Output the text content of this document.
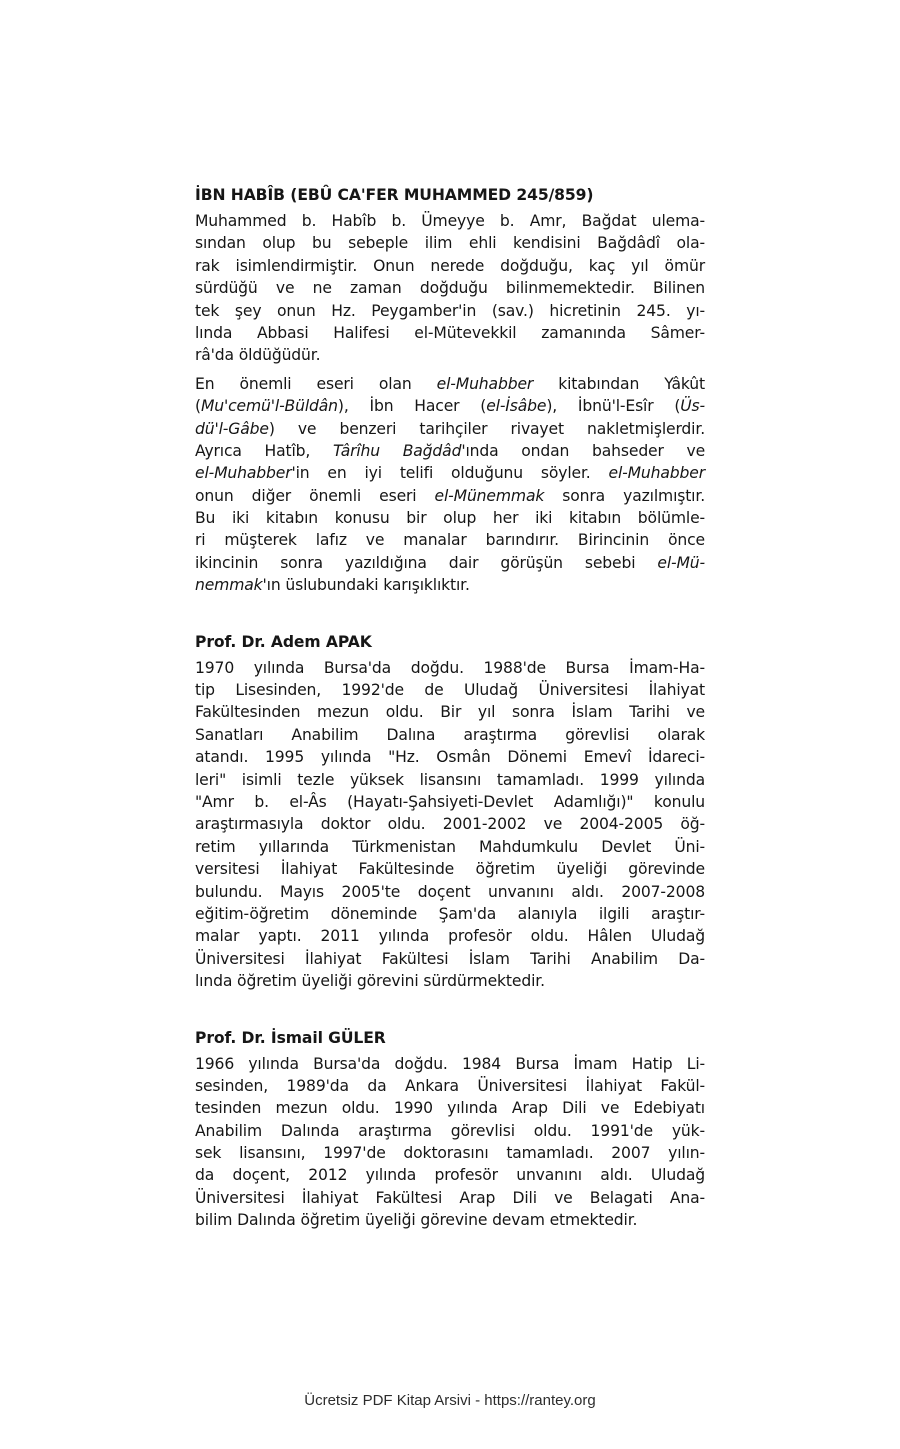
İBN HABÎB (EBÛ CA'FER MUHAMMED 245/859)
Muhammed b. Habîb b. Ümeyye b. Amr, Bağdat ulema-
sından olup bu sebeple ilim ehli kendisini Bağdâdî ola-
rak isimlendirmiştir. Onun nerede doğduğu, kaç yıl ömür
sürdüğü ve ne zaman doğduğu bilinmemektedir. Bilinen
tek şey onun Hz. Peygamber'in (sav.) hicretinin 245. yı-
lında Abbasi Halifesi el-Mütevekkil zamanında Sâmer-
râ'da öldüğüdür.
En önemli eseri olan el-Muhabber kitabından Yâkût
(Mu'cemü'l-Büldân), İbn Hacer (el-İsâbe), İbnü'l-Esîr (Üs-
dü'l-Gâbe) ve benzeri tarihçiler rivayet nakletmişlerdir.
Ayrıca Hatîb, Târîhu Bağdâd'ında ondan bahseder ve
el-Muhabber'in en iyi telifi olduğunu söyler. el-Muhabber
onun diğer önemli eseri el-Münemmak sonra yazılmıştır.
Bu iki kitabın konusu bir olup her iki kitabın bölümle-
ri müşterek lafız ve manalar barındırır. Birincinin önce
ikincinin sonra yazıldığına dair görüşün sebebi el-Mü-
nemmak'ın üslubundaki karışıklıktır.
Prof. Dr. Adem APAK
1970 yılında Bursa'da doğdu. 1988'de Bursa İmam-Ha-
tip Lisesinden, 1992'de de Uludağ Üniversitesi İlahiyat
Fakültesinden mezun oldu. Bir yıl sonra İslam Tarihi ve
Sanatları Anabilim Dalına araştırma görevlisi olarak
atandı. 1995 yılında "Hz. Osmân Dönemi Emevî İdareci-
leri" isimli tezle yüksek lisansını tamamladı. 1999 yılında
"Amr b. el-Âs (Hayatı-Şahsiyeti-Devlet Adamlığı)" konulu
araştırmasıyla doktor oldu. 2001-2002 ve 2004-2005 öğ-
retim yıllarında Türkmenistan Mahdumkulu Devlet Üni-
versitesi İlahiyat Fakültesinde öğretim üyeliği görevinde
bulundu. Mayıs 2005'te doçent unvanını aldı. 2007-2008
eğitim-öğretim döneminde Şam'da alanıyla ilgili araştır-
malar yaptı. 2011 yılında profesör oldu. Hâlen Uludağ
Üniversitesi İlahiyat Fakültesi İslam Tarihi Anabilim Da-
lında öğretim üyeliği görevini sürdürmektedir.
Prof. Dr. İsmail GÜLER
1966 yılında Bursa'da doğdu. 1984 Bursa İmam Hatip Li-
sesinden, 1989'da da Ankara Üniversitesi İlahiyat Fakül-
tesinden mezun oldu. 1990 yılında Arap Dili ve Edebiyatı
Anabilim Dalında araştırma görevlisi oldu. 1991'de yük-
sek lisansını, 1997'de doktorasını tamamladı. 2007 yılın-
da doçent, 2012 yılında profesör unvanını aldı. Uludağ
Üniversitesi İlahiyat Fakültesi Arap Dili ve Belagati Ana-
bilim Dalında öğretim üyeliği görevine devam etmektedir.
Ücretsiz PDF Kitap Arsivi - https://rantey.org
